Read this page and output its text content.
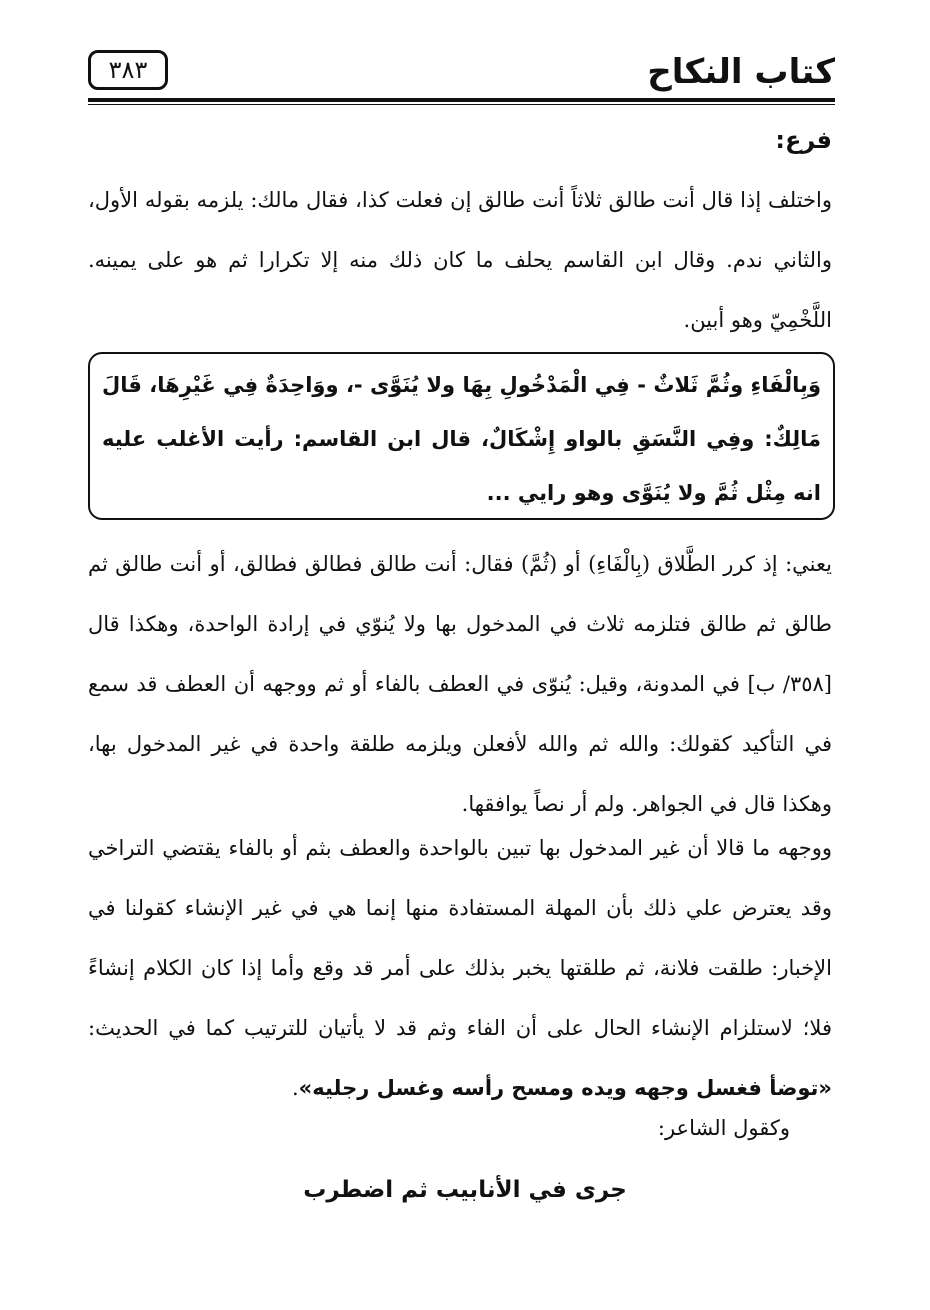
كتاب النكاح
٣٨٣
فرع:
واختلف إذا قال أنت طالق ثلاثاً أنت طالق إن فعلت كذا، فقال مالك: يلزمه بقوله الأول، والثاني ندم. وقال ابن القاسم يحلف ما كان ذلك منه إلا تكرارا ثم هو على يمينه. اللَّخْمِيّ وهو أبين.
وَبِالْفَاءِ وثُمَّ ثَلاثٌ - فِي الْمَدْخُولِ بِهَا ولا يُنَوَّى -، ووَاحِدَةٌ فِي غَيْرِهَا، قَالَ مَالِكٌ: وفِي النَّسَقِ بالواو إِشْكَالٌ، قال ابن القاسم: رأيت الأغلب عليه انه مِثْل ثُمَّ ولا يُنَوَّى وهو رايي ...
يعني: إذ كرر الطَّلاق (بِالْفَاءِ) أو (ثُمَّ) فقال: أنت طالق فطالق فطالق، أو أنت طالق ثم طالق ثم طالق فتلزمه ثلاث في المدخول بها ولا يُنوّي في إرادة الواحدة، وهكذا قال [٣٥٨/ ب] في المدونة، وقيل: يُنوّى في العطف بالفاء أو ثم ووجهه أن العطف قد سمع في التأكيد كقولك: والله ثم والله لأفعلن ويلزمه طلقة واحدة في غير المدخول بها، وهكذا قال في الجواهر. ولم أر نصاً يوافقها.
ووجهه ما قالا أن غير المدخول بها تبين بالواحدة والعطف بثم أو بالفاء يقتضي التراخي وقد يعترض علي ذلك بأن المهلة المستفادة منها إنما هي في غير الإنشاء كقولنا في الإخبار: طلقت فلانة، ثم طلقتها يخبر بذلك على أمر قد وقع وأما إذا كان الكلام إنشاءً فلا؛ لاستلزام الإنشاء الحال على أن الفاء وثم قد لا يأتيان للترتيب كما في الحديث: «توضأ فغسل وجهه ويده ومسح رأسه وغسل رجليه».
وكقول الشاعر:
جرى في الأنابيب ثم اضطرب
